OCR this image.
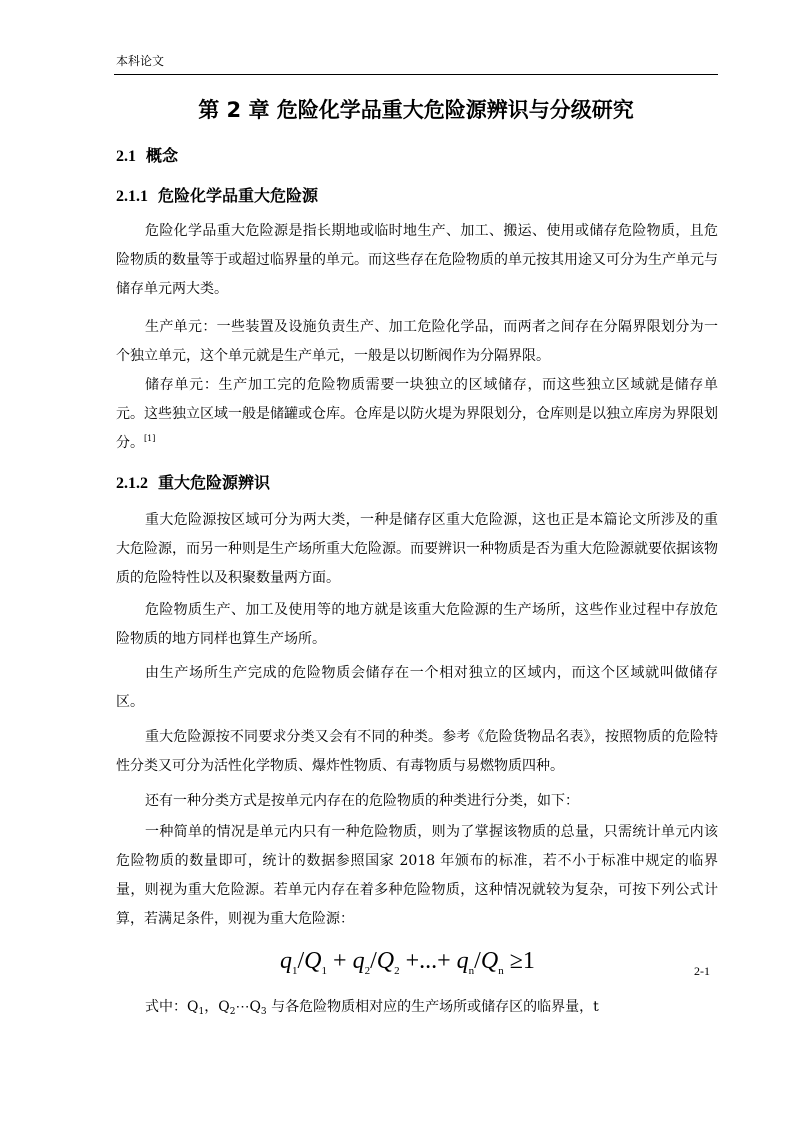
本科论文
第 2 章 危险化学品重大危险源辨识与分级研究
2.1 概念
2.1.1 危险化学品重大危险源

危险化学品重大危险源是指长期地或临时地生产、加工、搬运、使用或储存危险物质，且危险物质的数量等于或超过临界量的单元。而这些存在危险物质的单元按其用途又可分为生产单元与储存单元两大类。

生产单元：一些装置及设施负责生产、加工危险化学品，而两者之间存在分隔界限划分为一个独立单元，这个单元就是生产单元，一般是以切断阀作为分隔界限。

储存单元：生产加工完的危险物质需要一块独立的区域储存，而这些独立区域就是储存单元。这些独立区域一般是储罐或仓库。仓库是以防火堤为界限划分，仓库则是以独立库房为界限划分。[1]

2.1.2 重大危险源辨识

重大危险源按区域可分为两大类，一种是储存区重大危险源，这也正是本篇论文所涉及的重大危险源，而另一种则是生产场所重大危险源。而要辨识一种物质是否为重大危险源就要依据该物质的危险特性以及积聚数量两方面。

危险物质生产、加工及使用等的地方就是该重大危险源的生产场所，这些作业过程中存放危险物质的地方同样也算生产场所。

由生产场所生产完成的危险物质会储存在一个相对独立的区域内，而这个区域就叫做储存区。

重大危险源按不同要求分类又会有不同的种类。参考《危险货物品名表》，按照物质的危险特性分类又可分为活性化学物质、爆炸性物质、有毒物质与易燃物质四种。

还有一种分类方式是按单元内存在的危险物质的种类进行分类，如下：

一种简单的情况是单元内只有一种危险物质，则为了掌握该物质的总量，只需统计单元内该危险物质的数量即可，统计的数据参照国家 2018 年颁布的标准，若不小于标准中规定的临界量，则视为重大危险源。若单元内存在着多种危险物质，这种情况就较为复杂，可按下列公式计算，若满足条件，则视为重大危险源：

$q_1/Q_1 + q_2/Q_2$ +...+ $q_n/Q_n \ge 1$	2-1

式中：$Q_1$，$Q_2\cdots Q_3$ 与各危险物质相对应的生产场所或储存区的临界量，t
